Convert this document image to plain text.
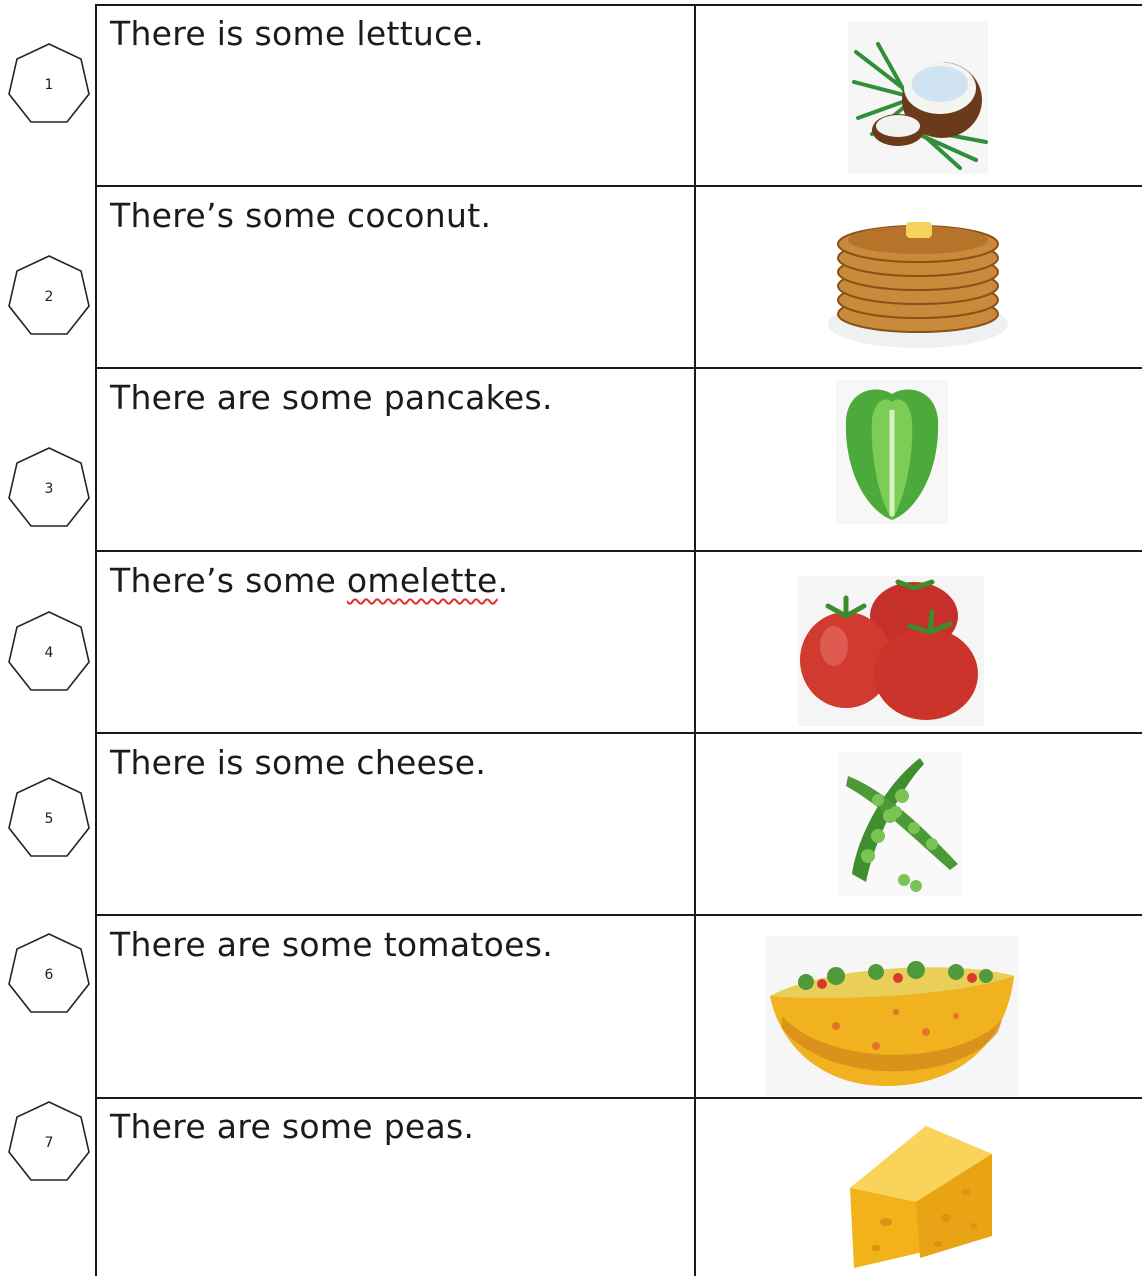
1
There is some lettuce.
2
There’s some coconut.
3
There are some pancakes.
4
There’s some omelette.
5
There is some cheese.
6
There are some tomatoes.
7	There are some peas.
